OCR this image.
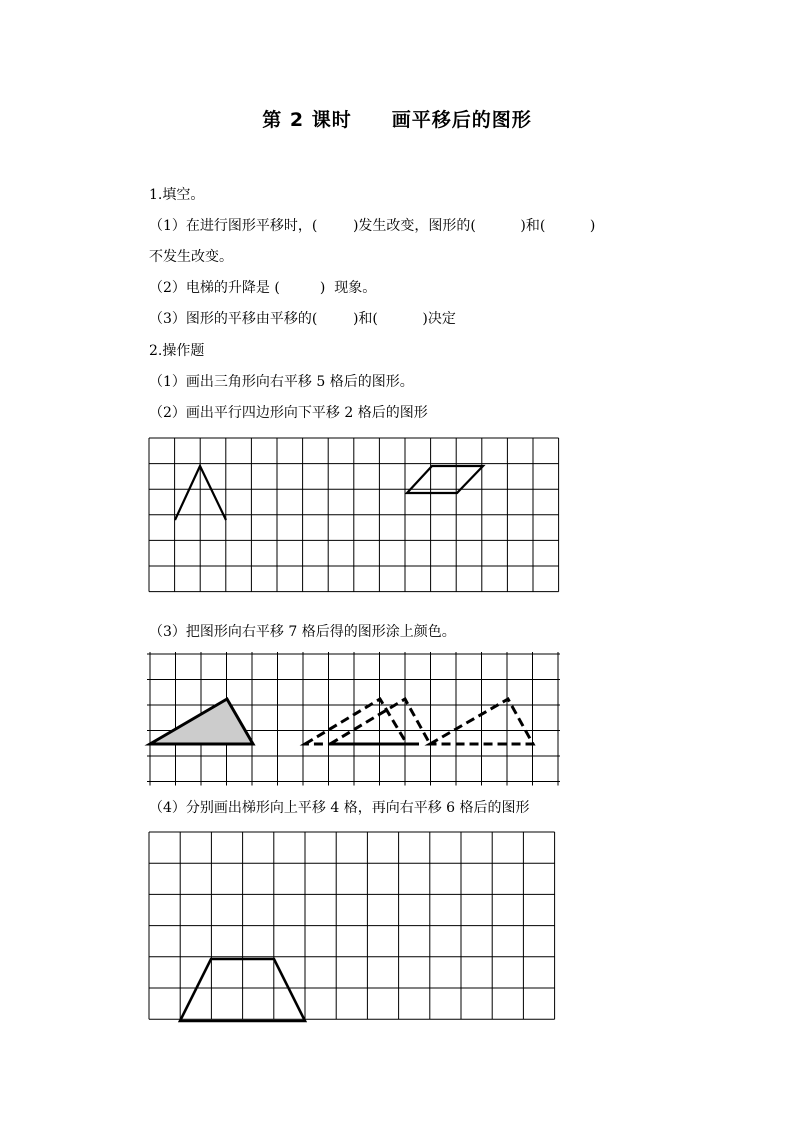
第 2 课时 画平移后的图形
1.填空。
（1）在进行图形平移时，(        )发生改变，图形的(          )和(          )
不发生改变。
（2）电梯的升降是 (         )  现象。
（3）图形的平移由平移的(        )和(          )决定
2.操作题
（1）画出三角形向右平移 5 格后的图形。
（2）画出平行四边形向下平移 2 格后的图形
（3）把图形向右平移 7 格后得的图形涂上颜色。
（4）分别画出梯形向上平移 4 格，再向右平移 6 格后的图形
